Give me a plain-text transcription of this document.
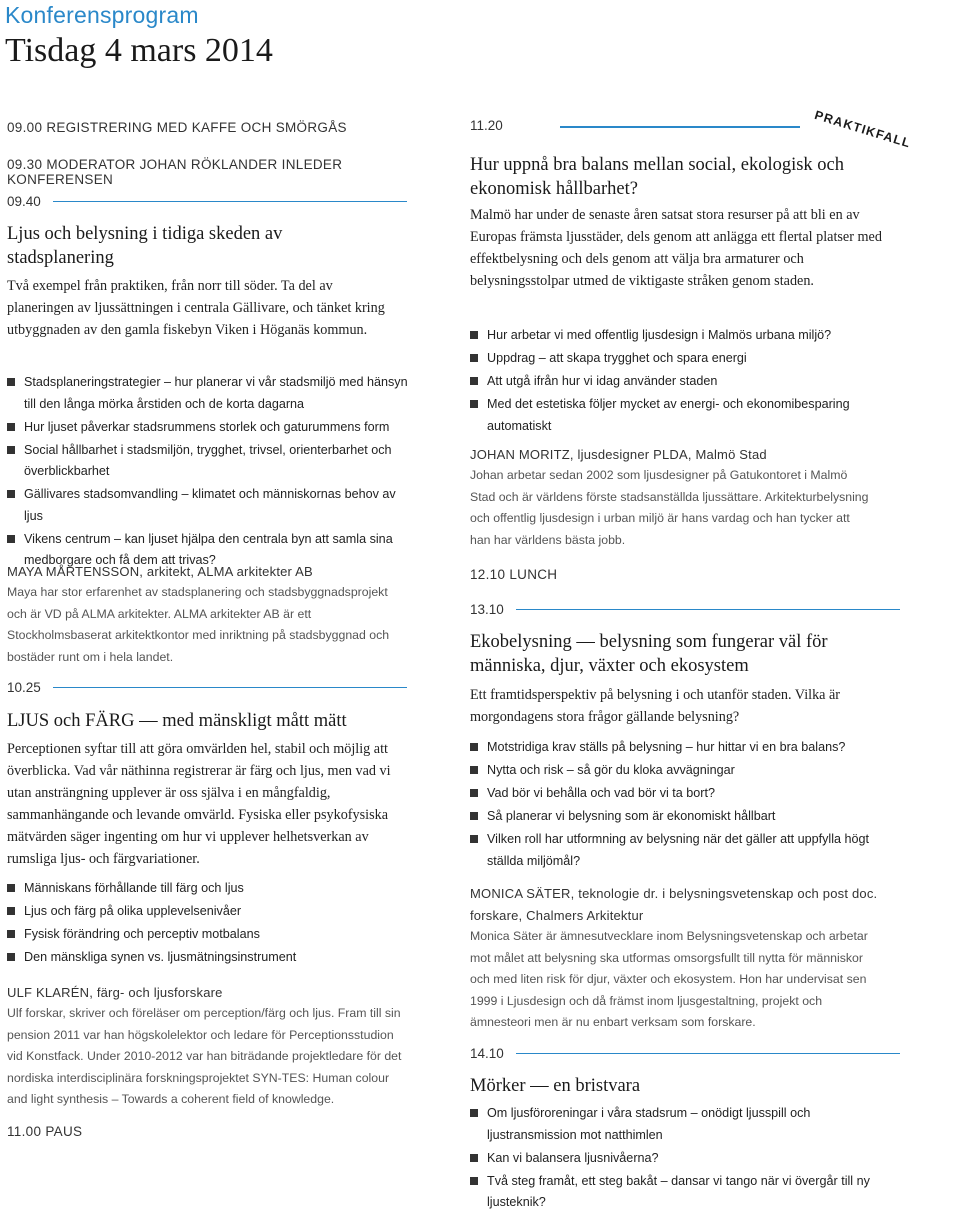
Konferensprogram
Tisdag 4 mars 2014
09.00 REGISTRERING MED KAFFE OCH SMÖRGÅS
09.30 MODERATOR JOHAN RÖKLANDER INLEDER KONFERENSEN
09.40
Ljus och belysning i tidiga skeden av
stadsplanering
Två exempel från praktiken, från norr till söder. Ta del av planeringen av ljussättningen i centrala Gällivare, och tänket kring utbyggnaden av den gamla fiskebyn Viken i Höganäs kommun.
Stadsplaneringstrategier – hur planerar vi vår stadsmiljö med hänsyn till den långa mörka årstiden och de korta dagarna
Hur ljuset påverkar stadsrummens storlek och gaturummens form
Social hållbarhet i stadsmiljön, trygghet, trivsel, orienterbarhet och överblickbarhet
Gällivares stadsomvandling – klimatet och människornas behov av ljus
Vikens centrum – kan ljuset hjälpa den centrala byn att samla sina medborgare och få dem att trivas?
MAYA MÅRTENSSON, arkitekt, ALMA arkitekter AB
Maya har stor erfarenhet av stadsplanering och stadsbyggnadsprojekt och är VD på ALMA arkitekter. ALMA arkitekter AB är ett Stockholmsbaserat arkitektkontor med inriktning på stadsbyggnad och bostäder runt om i hela landet.
10.25
LJUS och FÄRG — med mänskligt mått mätt
Perceptionen syftar till att göra omvärlden hel, stabil och möjlig att överblicka. Vad vår näthinna registrerar är färg och ljus, men vad vi utan ansträngning upplever är oss själva i en mångfaldig, sammanhängande och levande omvärld. Fysiska eller psykofysiska mätvärden säger ingenting om hur vi upplever helhetsverkan av rumsliga ljus- och färgvariationer.
Människans förhållande till färg och ljus
Ljus och färg på olika upplevelsenivåer
Fysisk förändring och perceptiv motbalans
Den mänskliga synen vs. ljusmätningsinstrument
ULF KLARÉN, färg- och ljusforskare
Ulf forskar, skriver och föreläser om perception/färg och ljus. Fram till sin pension 2011 var han högskolelektor och ledare för Perceptionsstudion vid Konstfack. Under 2010-2012 var han biträdande projektledare för det nordiska interdisciplinära forskningsprojektet SYN-TES: Human colour and light synthesis – Towards a coherent field of knowledge.
11.00 PAUS
PRAKTIKFALL
11.20
Hur uppnå bra balans mellan social, ekologisk och ekonomisk hållbarhet?
Malmö har under de senaste åren satsat stora resurser på att bli en av Europas främsta ljusstäder, dels genom att anlägga ett flertal platser med effektbelysning och dels genom att välja bra armaturer och belysningsstolpar utmed de viktigaste stråken genom staden.
Hur arbetar vi med offentlig ljusdesign i Malmös urbana miljö?
Uppdrag – att skapa trygghet och spara energi
Att utgå ifrån hur vi idag använder staden
Med det estetiska följer mycket av energi- och ekonomibesparing automatiskt
JOHAN MORITZ, ljusdesigner PLDA, Malmö Stad
Johan arbetar sedan 2002 som ljusdesigner på Gatukontoret i Malmö Stad och är världens förste stadsanställda ljussättare. Arkitekturbelysning och offentlig ljusdesign i urban miljö är hans vardag och han tycker att han har världens bästa jobb.
12.10 LUNCH
13.10
Ekobelysning — belysning som fungerar väl för människa, djur, växter och ekosystem
Ett framtidsperspektiv på belysning i och utanför staden. Vilka är morgondagens stora frågor gällande belysning?
Motstridiga krav ställs på belysning – hur hittar vi en bra balans?
Nytta och risk – så gör du kloka avvägningar
Vad bör vi behålla och vad bör vi ta bort?
Så planerar vi belysning som är ekonomiskt hållbart
Vilken roll har utformning av belysning när det gäller att uppfylla högt ställda miljömål?
MONICA SÄTER, teknologie dr. i belysningsvetenskap och post doc. forskare, Chalmers Arkitektur
Monica Säter är ämnesutvecklare inom Belysningsvetenskap och arbetar mot målet att belysning ska utformas omsorgsfullt till nytta för människor och med liten risk för djur, växter och ekosystem. Hon har undervisat sen 1999 i Ljusdesign och då främst inom ljusgestaltning, projekt och ämnesteori men är nu enbart verksam som forskare.
14.10
Mörker — en bristvara
Om ljusföroreningar i våra stadsrum – onödigt ljusspill och ljustransmission mot natthimlen
Kan vi balansera ljusnivåerna?
Två steg framåt, ett steg bakåt – dansar vi tango när vi övergår till ny ljusteknik?
